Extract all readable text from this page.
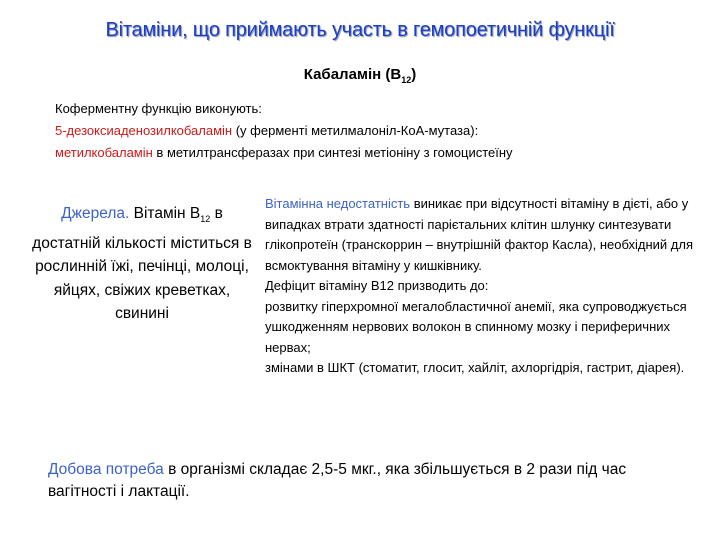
Вітаміни, що приймають участь в гемопоетичній функції
Кабаламін $(В_{12})$
Коферментну функцію виконують:
5-дезоксиаденозилкобаламін (у ферменті метилмалоніл-КоА-мутаза):
метилкобаламін в метилтрансферазах при синтезі метіоніну з гомоцистеїну
Джерела. Вітамін $В_{12}$ в достатній кількості міститься в рослинній їжі, печінці, молоці, яйцях, свіжих креветках, свинині

Вітамінна недостатність виникає при відсутності вітаміну в дієті, або у випадках втрати здатності парієтальних клітин шлунку синтезувати глікопротеїн (транскоррин – внутрішній фактор Касла), необхідний для всмоктування вітаміну у кишківнику.

Дефіцит вітаміну В12 призводить до:

розвитку гіперхромної мегалобластичної анемії, яка супроводжується ушкодженням нервових волокон в спинному мозку і периферичних нервах;

змінами в ШКТ (стоматит, глосит, хайліт, ахлоргідрія, гастрит, діарея).

Добова потреба в організмі складає 2,5-5 мкг., яка збільшується в 2 рази під час вагітності і лактації.
